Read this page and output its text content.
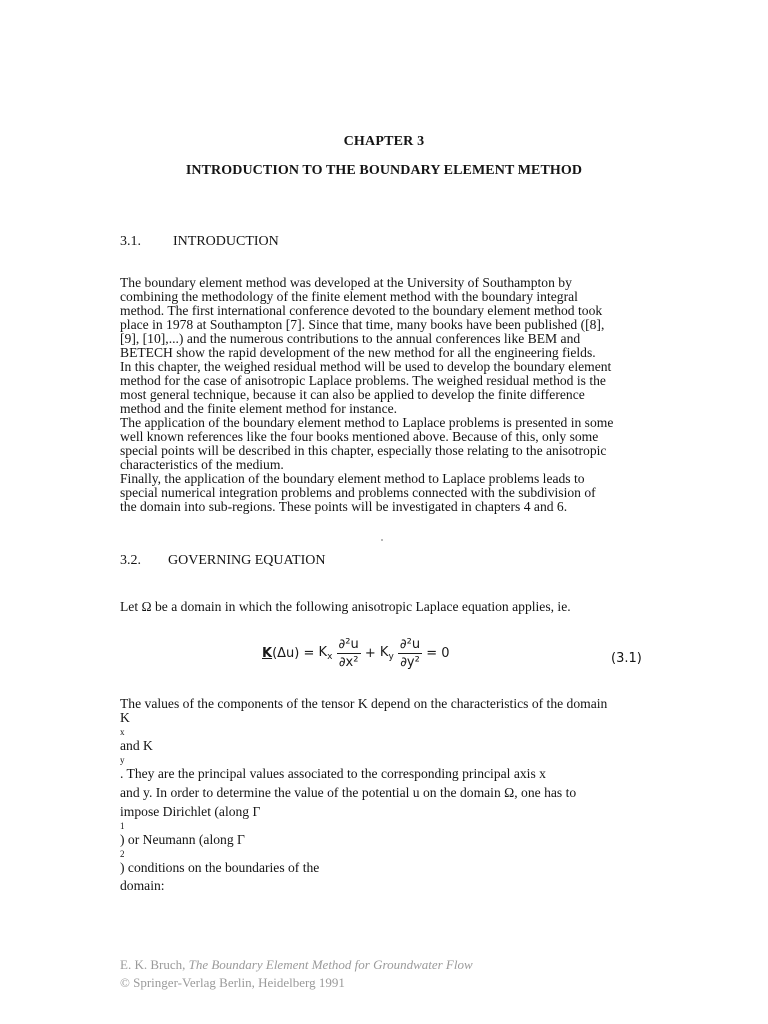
CHAPTER 3
INTRODUCTION TO THE BOUNDARY ELEMENT METHOD
3.1. INTRODUCTION
The boundary element method was developed at the University of Southampton by
combining the methodology of the finite element method with the boundary integral
method. The first international conference devoted to the boundary element method took
place in 1978 at Southampton [7]. Since that time, many books have been published ([8],
[9], [10],...) and the numerous contributions to the annual conferences like BEM and
BETECH show the rapid development of the new method for all the engineering fields.
In this chapter, the weighed residual method will be used to develop the boundary element
method for the case of anisotropic Laplace problems. The weighed residual method is the
most general technique, because it can also be applied to develop the finite difference
method and the finite element method for instance.
The application of the boundary element method to Laplace problems is presented in some
well known references like the four books mentioned above. Because of this, only some
special points will be described in this chapter, especially those relating to the anisotropic
characteristics of the medium.
Finally, the application of the boundary element method to Laplace problems leads to
special numerical integration problems and problems connected with the subdivision of
the domain into sub-regions. These points will be investigated in chapters 4 and 6.
3.2. GOVERNING EQUATION
Let Ω be a domain in which the following anisotropic Laplace equation applies, ie.
$K(\Delta u) = K_x \frac{\text{∂²u}}{\text{∂x²}} + K_y \frac{\text{∂²u}}{\text{∂y²}} = 0$	(3.1)
The values of the components of the tensor K depend on the characteristics of the domain
K
x
and K
y
. They are the principal values associated to the corresponding principal axis x
and y. In order to determine the value of the potential u on the domain Ω, one has to
impose Dirichlet (along Γ
1
) or Neumann (along Γ
2
) conditions on the boundaries of the
domain:
E. K. Bruch, The Boundary Element Method for Groundwater Flow
© Springer-Verlag Berlin, Heidelberg 1991
